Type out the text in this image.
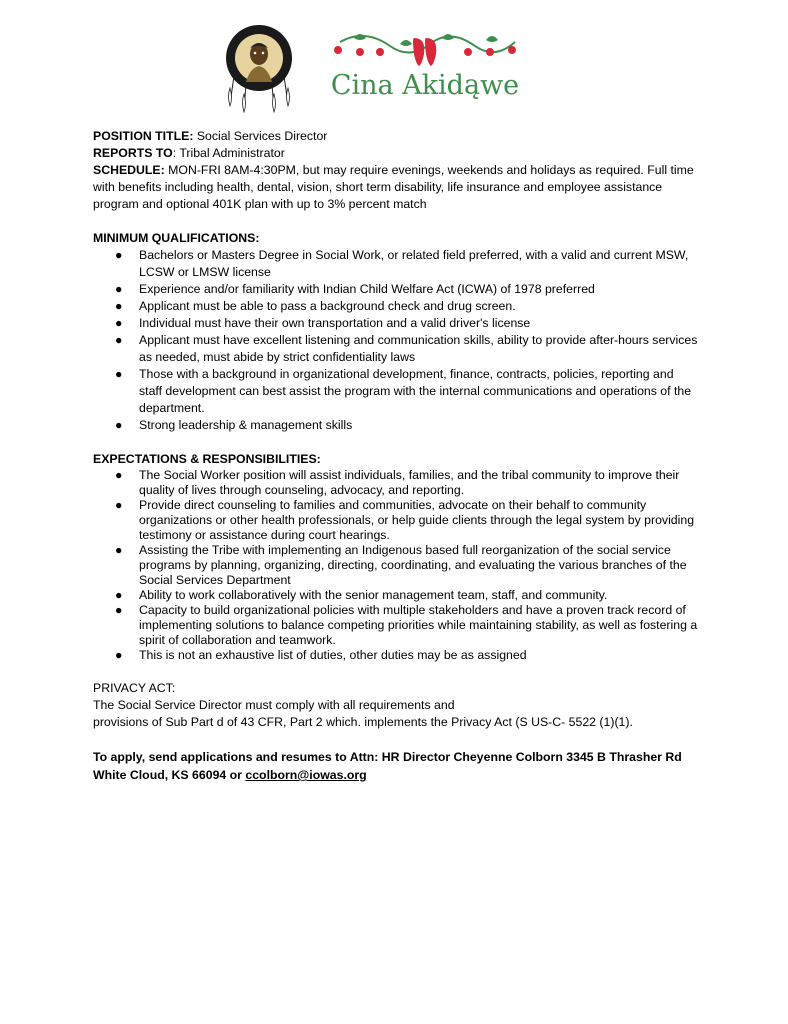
Cina Akidąwe

POSITION TITLE: Social Services Director

REPORTS TO: Tribal Administrator

SCHEDULE: MON-FRI 8AM-4:30PM, but may require evenings, weekends and holidays as required. Full time with benefits including health, dental, vision, short term disability, life insurance and employee assistance program and optional 401K plan with up to 3% percent match

MINIMUM QUALIFICATIONS:

● Bachelors or Masters Degree in Social Work, or related field preferred, with a valid and current MSW, LCSW or LMSW license
● Experience and/or familiarity with Indian Child Welfare Act (ICWA) of 1978 preferred
● Applicant must be able to pass a background check and drug screen.
● Individual must have their own transportation and a valid driver's license
● Applicant must have excellent listening and communication skills, ability to provide after-hours services as needed, must abide by strict confidentiality laws
● Those with a background in organizational development, finance, contracts, policies, reporting and staff development can best assist the program with the internal communications and operations of the department.
● Strong leadership & management skills

EXPECTATIONS & RESPONSIBILITIES:

● The Social Worker position will assist individuals, families, and the tribal community to improve their quality of lives through counseling, advocacy, and reporting.
● Provide direct counseling to families and communities, advocate on their behalf to community organizations or other health professionals, or help guide clients through the legal system by providing testimony or assistance during court hearings.
● Assisting the Tribe with implementing an Indigenous based full reorganization of the social service programs by planning, organizing, directing, coordinating, and evaluating the various branches of the Social Services Department
● Ability to work collaboratively with the senior management team, staff, and community.
● Capacity to build organizational policies with multiple stakeholders and have a proven track record of implementing solutions to balance competing priorities while maintaining stability, as well as fostering a spirit of collaboration and teamwork.
● This is not an exhaustive list of duties, other duties may be as assigned

PRIVACY ACT:

The Social Service Director must comply with all requirements and

provisions of Sub Part d of 43 CFR, Part 2 which. implements the Privacy Act (S US-C- 5522 (1)(1).

To apply, send applications and resumes to Attn: HR Director Cheyenne Colborn 3345 B Thrasher Rd White Cloud, KS 66094 or ccolborn@iowas.org
